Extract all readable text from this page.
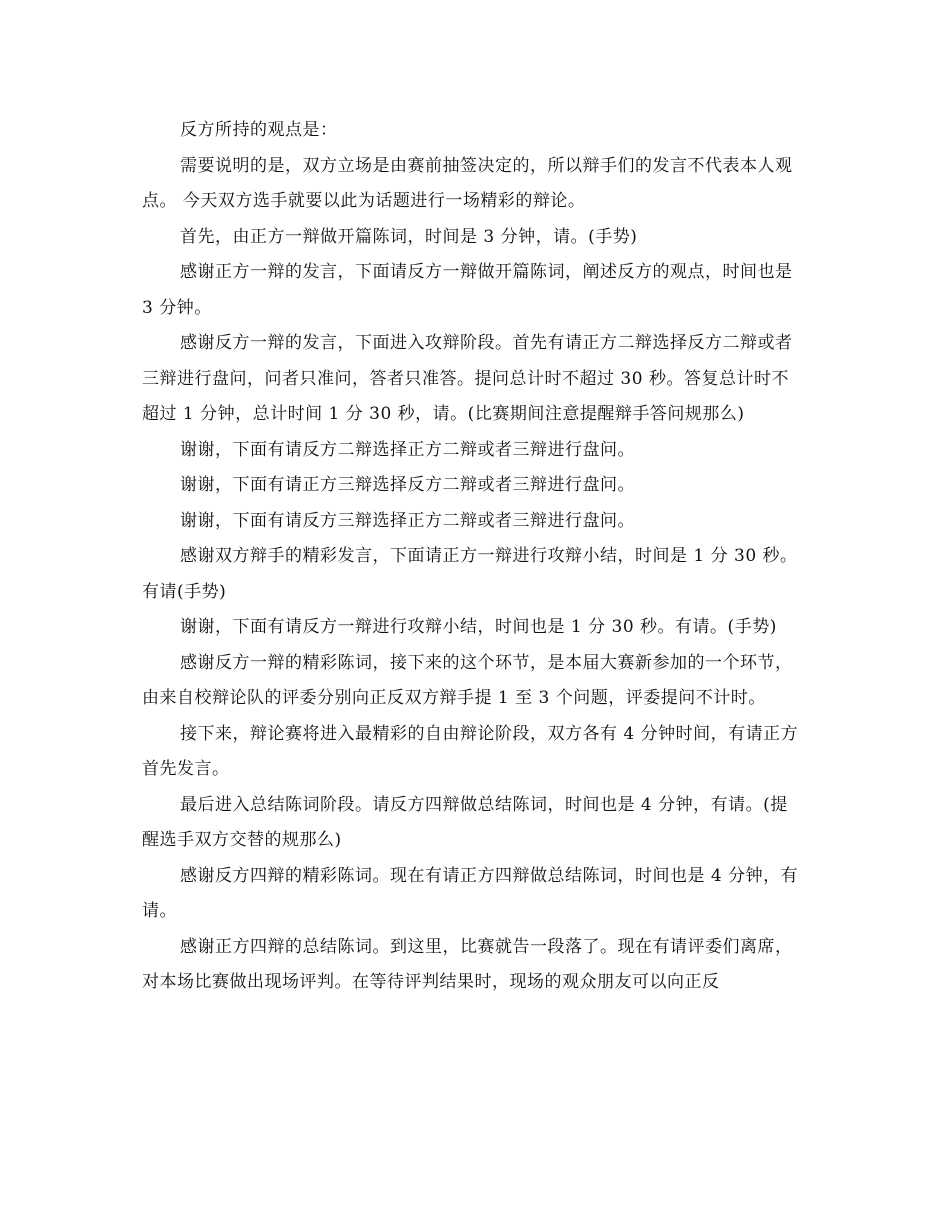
反方所持的观点是：

需要说明的是，双方立场是由赛前抽签决定的，所以辩手们的发言不代表本人观点。 今天双方选手就要以此为话题进行一场精彩的辩论。

首先，由正方一辩做开篇陈词，时间是 3 分钟，请。(手势)

感谢正方一辩的发言，下面请反方一辩做开篇陈词，阐述反方的观点，时间也是 3 分钟。

感谢反方一辩的发言，下面进入攻辩阶段。首先有请正方二辩选择反方二辩或者三辩进行盘问，问者只准问，答者只准答。提问总计时不超过 30 秒。答复总计时不超过 1 分钟，总计时间 1 分 30 秒，请。(比赛期间注意提醒辩手答问规那么)

谢谢，下面有请反方二辩选择正方二辩或者三辩进行盘问。

谢谢，下面有请正方三辩选择反方二辩或者三辩进行盘问。

谢谢，下面有请反方三辩选择正方二辩或者三辩进行盘问。

感谢双方辩手的精彩发言，下面请正方一辩进行攻辩小结，时间是 1 分 30 秒。有请(手势)

谢谢，下面有请反方一辩进行攻辩小结，时间也是 1 分 30 秒。有请。(手势)

感谢反方一辩的精彩陈词，接下来的这个环节，是本届大赛新参加的一个环节，由来自校辩论队的评委分别向正反双方辩手提 1 至 3 个问题，评委提问不计时。

接下来，辩论赛将进入最精彩的自由辩论阶段，双方各有 4 分钟时间，有请正方首先发言。

最后进入总结陈词阶段。请反方四辩做总结陈词，时间也是 4 分钟，有请。(提醒选手双方交替的规那么)

感谢反方四辩的精彩陈词。现在有请正方四辩做总结陈词，时间也是 4 分钟，有请。

感谢正方四辩的总结陈词。到这里，比赛就告一段落了。现在有请评委们离席，对本场比赛做出现场评判。在等待评判结果时，现场的观众朋友可以向正反
